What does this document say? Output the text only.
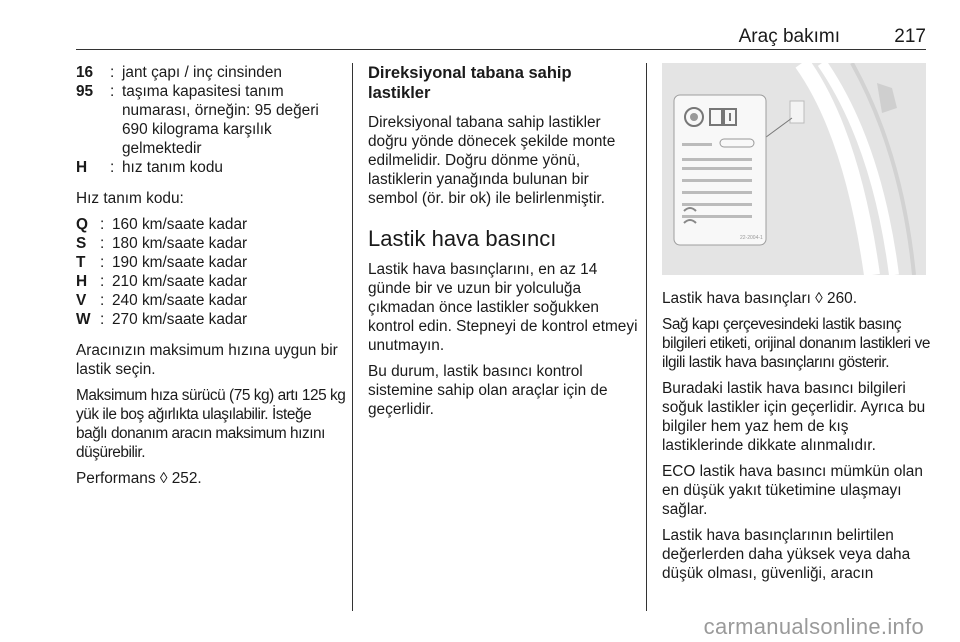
Araç bakımı	217
16	: jant çapı / inç cinsinden
95	: taşıma kapasitesi tanım numarası, örneğin: 95 değeri 690 kilograma karşılık gelmektedir
H	: hız tanım kodu

Hız tanım kodu:

Q : 160 km/saate kadar
S : 180 km/saate kadar
T : 190 km/saate kadar
H : 210 km/saate kadar
V : 240 km/saate kadar
W : 270 km/saate kadar

Aracınızın maksimum hızına uygun bir lastik seçin.

Maksimum hıza sürücü (75 kg) artı 125 kg yük ile boş ağırlıkta ulaşılabilir. İsteğe bağlı donanım aracın maksimum hızını düşürebilir.

Performans ◊ 252.

Direksiyonal tabana sahip lastikler

Direksiyonal tabana sahip lastikler doğru yönde dönecek şekilde monte edilmelidir. Doğru dönme yönü, lastiklerin yanağında bulunan bir sembol (ör. bir ok) ile belirlenmiştir.

Lastik hava basıncı

Lastik hava basınçlarını, en az 14 günde bir ve uzun bir yolculuğa çıkmadan önce lastikler soğukken kontrol edin. Stepneyi de kontrol etmeyi unutmayın.

Bu durum, lastik basıncı kontrol sistemine sahip olan araçlar için de geçerlidir.

22-2004-1

Lastik hava basınçları ◊ 260.

Sağ kapı çerçevesindeki lastik basınç bilgileri etiketi, orijinal donanım lastikleri ve ilgili lastik hava basınçlarını gösterir.

Buradaki lastik hava basıncı bilgileri soğuk lastikler için geçerlidir. Ayrıca bu bilgiler hem yaz hem de kış lastiklerinde dikkate alınmalıdır.

ECO lastik hava basıncı mümkün olan en düşük yakıt tüketimine ulaşmayı sağlar.

Lastik hava basınçlarının belirtilen değerlerden daha yüksek veya daha düşük olması, güvenliği, aracın

carmanualsonline.info
